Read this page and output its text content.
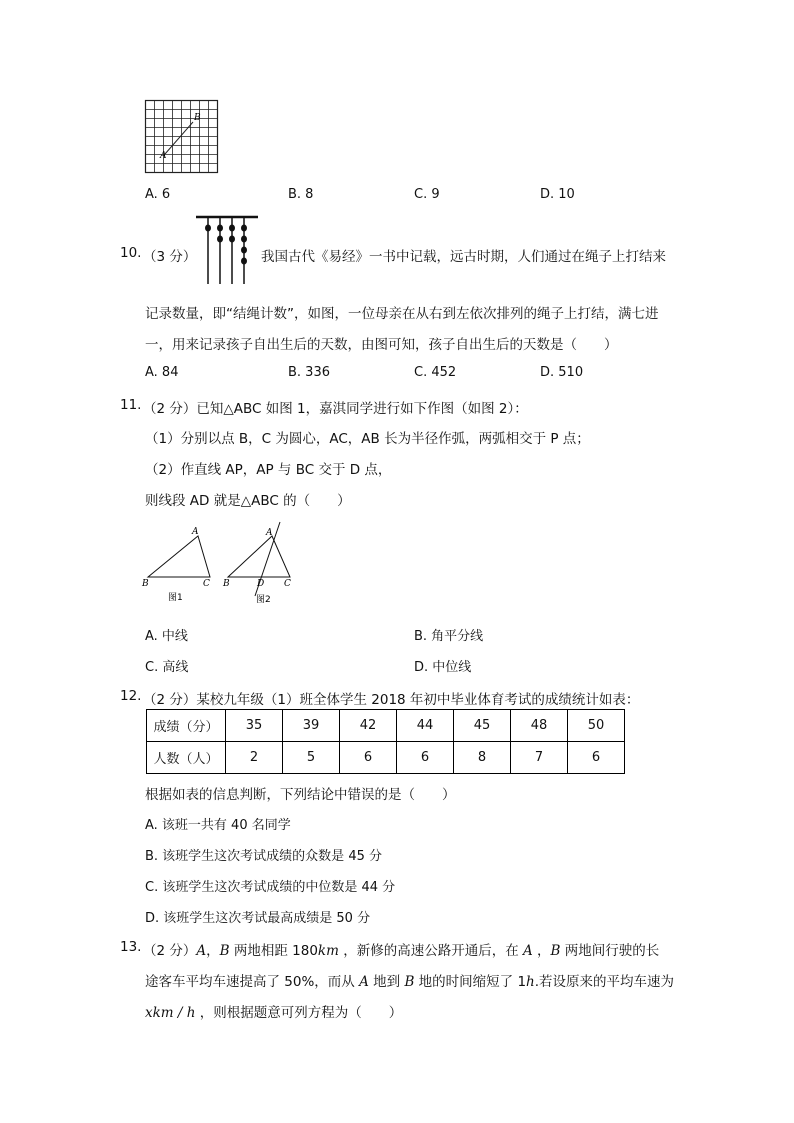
A
B
A. 6	B. 8	C. 9	D. 10
10. （3 分）	我国古代《易经》一书中记载，远古时期，人们通过在绳子上打结来
记录数量，即“结绳计数”，如图，一位母亲在从右到左依次排列的绳子上打结，满七进
一，用来记录孩子自出生后的天数，由图可知，孩子自出生后的天数是（　　）
A. 84	B. 336	C. 452	D. 510
11. （2 分）已知△ABC 如图 1，嘉淇同学进行如下作图（如图 2）：
（1）分别以点 B，C 为圆心，AC，AB 长为半径作弧，两弧相交于 P 点；
（2）作直线 AP，AP 与 BC 交于 D 点，
则线段 AD 就是△ABC 的（　　）
A
B	C
图1
A
B	C
D
图2
A. 中线	B. 角平分线
C. 高线	D. 中位线
12. （2 分）某校九年级（1）班全体学生 2018 年初中毕业体育考试的成绩统计如表：
成绩（分）	35	39	42	44	45	48	50
人数（人）	2	5	6	6	8	7	6
根据如表的信息判断，下列结论中错误的是（　　）
A. 该班一共有 40 名同学
B. 该班学生这次考试成绩的众数是 45 分
C. 该班学生这次考试成绩的中位数是 44 分
D. 该班学生这次考试最高成绩是 50 分
13. （2 分）A，B 两地相距 180km ，新修的高速公路开通后，在 A ，B 两地间行驶的长
途客车平均车速提高了 50%，而从 A 地到 B 地的时间缩短了 1h.若设原来的平均车速为
xkm / h ，则根据题意可列方程为（　　）
